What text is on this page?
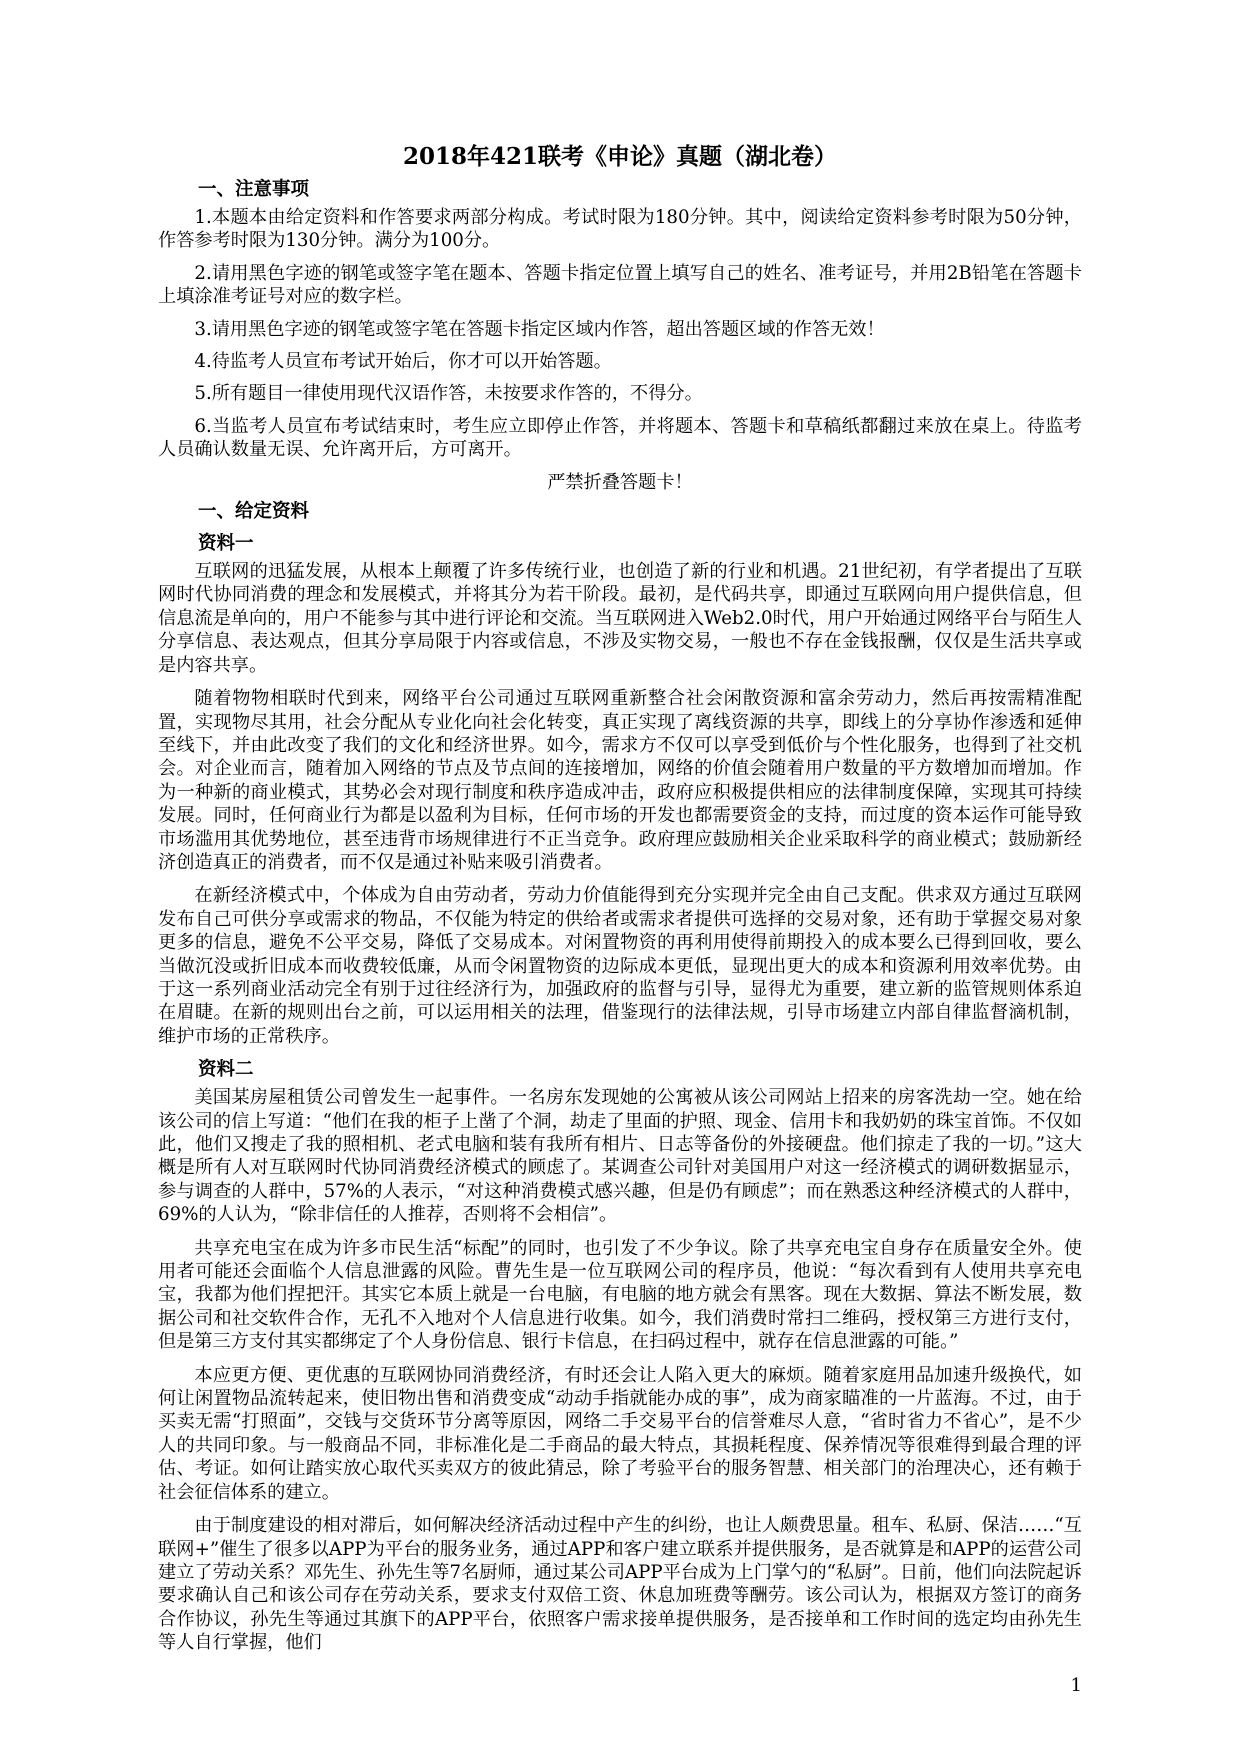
2018年421联考《申论》真题（湖北卷）
一、注意事项

1.本题本由给定资料和作答要求两部分构成。考试时限为180分钟。其中，阅读给定资料参考时限为50分钟，作答参考时限为130分钟。满分为100分。

2.请用黑色字迹的钢笔或签字笔在题本、答题卡指定位置上填写自己的姓名、准考证号，并用2B铅笔在答题卡上填涂准考证号对应的数字栏。

3.请用黑色字迹的钢笔或签字笔在答题卡指定区域内作答，超出答题区域的作答无效！

4.待监考人员宣布考试开始后，你才可以开始答题。

5.所有题目一律使用现代汉语作答，未按要求作答的，不得分。

6.当监考人员宣布考试结束时，考生应立即停止作答，并将题本、答题卡和草稿纸都翻过来放在桌上。待监考人员确认数量无误、允许离开后，方可离开。

严禁折叠答题卡！

一、给定资料
资料一

互联网的迅猛发展，从根本上颠覆了许多传统行业，也创造了新的行业和机遇。21世纪初，有学者提出了互联网时代协同消费的理念和发展模式，并将其分为若干阶段。最初，是代码共享，即通过互联网向用户提供信息，但信息流是单向的，用户不能参与其中进行评论和交流。当互联网进入Web2.0时代，用户开始通过网络平台与陌生人分享信息、表达观点，但其分享局限于内容或信息，不涉及实物交易，一般也不存在金钱报酬，仅仅是生活共享或是内容共享。

随着物物相联时代到来，网络平台公司通过互联网重新整合社会闲散资源和富余劳动力，然后再按需精准配置，实现物尽其用，社会分配从专业化向社会化转变，真正实现了离线资源的共享，即线上的分享协作渗透和延伸至线下，并由此改变了我们的文化和经济世界。如今，需求方不仅可以享受到低价与个性化服务，也得到了社交机会。对企业而言，随着加入网络的节点及节点间的连接增加，网络的价值会随着用户数量的平方数增加而增加。作为一种新的商业模式，其势必会对现行制度和秩序造成冲击，政府应积极提供相应的法律制度保障，实现其可持续发展。同时，任何商业行为都是以盈利为目标，任何市场的开发也都需要资金的支持，而过度的资本运作可能导致市场滥用其优势地位，甚至违背市场规律进行不正当竞争。政府理应鼓励相关企业采取科学的商业模式；鼓励新经济创造真正的消费者，而不仅是通过补贴来吸引消费者。

在新经济模式中，个体成为自由劳动者，劳动力价值能得到充分实现并完全由自己支配。供求双方通过互联网发布自己可供分享或需求的物品，不仅能为特定的供给者或需求者提供可选择的交易对象，还有助于掌握交易对象更多的信息，避免不公平交易，降低了交易成本。对闲置物资的再利用使得前期投入的成本要么已得到回收，要么当做沉没或折旧成本而收费较低廉，从而令闲置物资的边际成本更低，显现出更大的成本和资源利用效率优势。由于这一系列商业活动完全有别于过往经济行为，加强政府的监督与引导，显得尤为重要，建立新的监管规则体系迫在眉睫。在新的规则出台之前，可以运用相关的法理，借鉴现行的法律法规，引导市场建立内部自律监督滴机制，维护市场的正常秩序。

资料二

美国某房屋租赁公司曾发生一起事件。一名房东发现她的公寓被从该公司网站上招来的房客洗劫一空。她在给该公司的信上写道：“他们在我的柜子上凿了个洞，劫走了里面的护照、现金、信用卡和我奶奶的珠宝首饰。不仅如此，他们又搜走了我的照相机、老式电脑和装有我所有相片、日志等备份的外接硬盘。他们掠走了我的一切。”这大概是所有人对互联网时代协同消费经济模式的顾虑了。某调查公司针对美国用户对这一经济模式的调研数据显示，参与调查的人群中，57%的人表示，“对这种消费模式感兴趣，但是仍有顾虑”；而在熟悉这种经济模式的人群中，69%的人认为，“除非信任的人推荐，否则将不会相信”。

共享充电宝在成为许多市民生活“标配”的同时，也引发了不少争议。除了共享充电宝自身存在质量安全外。使用者可能还会面临个人信息泄露的风险。曹先生是一位互联网公司的程序员，他说：“每次看到有人使用共享充电宝，我都为他们捏把汗。其实它本质上就是一台电脑，有电脑的地方就会有黑客。现在大数据、算法不断发展，数据公司和社交软件合作，无孔不入地对个人信息进行收集。如今，我们消费时常扫二维码，授权第三方进行支付，但是第三方支付其实都绑定了个人身份信息、银行卡信息，在扫码过程中，就存在信息泄露的可能。”

本应更方便、更优惠的互联网协同消费经济，有时还会让人陷入更大的麻烦。随着家庭用品加速升级换代，如何让闲置物品流转起来，使旧物出售和消费变成“动动手指就能办成的事”，成为商家瞄准的一片蓝海。不过，由于买卖无需“打照面”，交钱与交货环节分离等原因，网络二手交易平台的信誉难尽人意，“省时省力不省心”，是不少人的共同印象。与一般商品不同，非标准化是二手商品的最大特点，其损耗程度、保养情况等很难得到最合理的评估、考证。如何让踏实放心取代买卖双方的彼此猜忌，除了考验平台的服务智慧、相关部门的治理决心，还有赖于社会征信体系的建立。

由于制度建设的相对滞后，如何解决经济活动过程中产生的纠纷，也让人颇费思量。租车、私厨、保洁……“互联网+”催生了很多以APP为平台的服务业务，通过APP和客户建立联系并提供服务，是否就算是和APP的运营公司建立了劳动关系？邓先生、孙先生等7名厨师，通过某公司APP平台成为上门掌勺的“私厨”。日前，他们向法院起诉要求确认自己和该公司存在劳动关系，要求支付双倍工资、休息加班费等酬劳。该公司认为，根据双方签订的商务合作协议，孙先生等通过其旗下的APP平台，依照客户需求接单提供服务，是否接单和工作时间的选定均由孙先生等人自行掌握，他们

1
